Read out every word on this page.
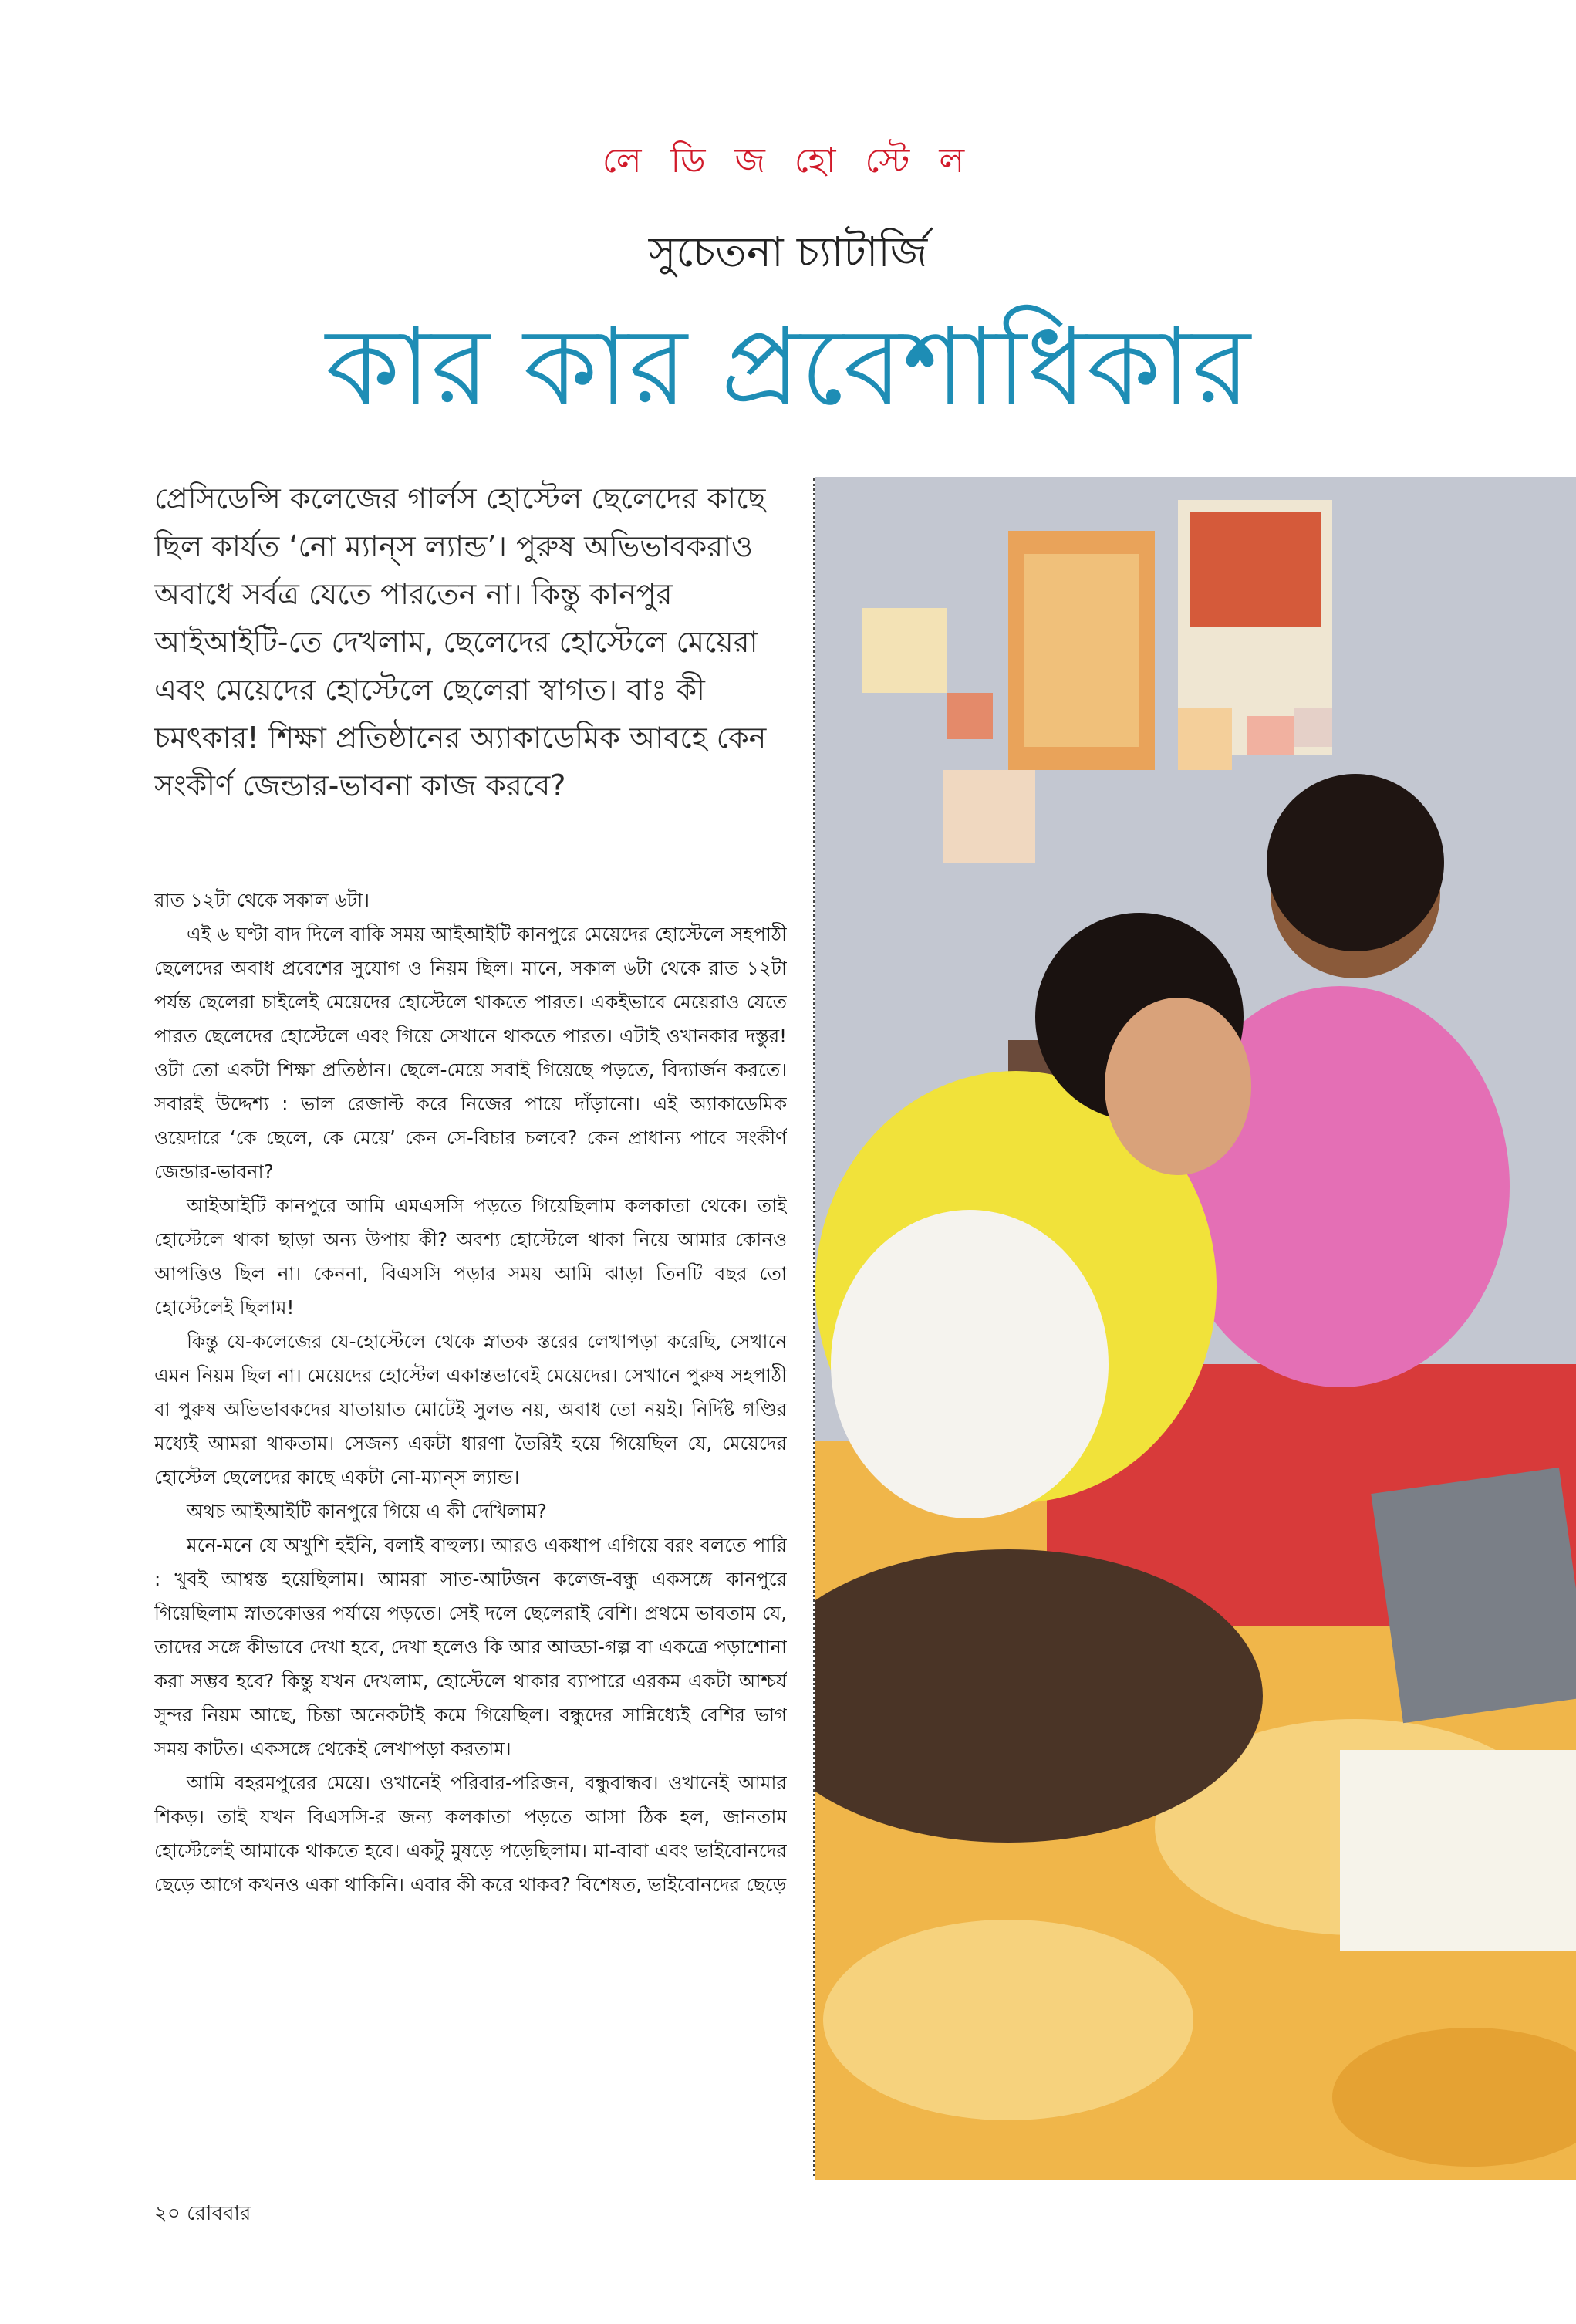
লে ডি জ হো স্টে ল
সুচেতনা চ্যাটার্জি
কার কার প্রবেশাধিকার

প্রেসিডেন্সি কলেজের গার্লস হোস্টেল ছেলেদের কাছে ছিল কার্যত ‘নো ম্যান্‌স ল্যান্ড’। পুরুষ অভিভাবকরাও অবাধে সর্বত্র যেতে পারতেন না। কিন্তু কানপুর আইআইটি-তে দেখলাম, ছেলেদের হোস্টেলে মেয়েরা এবং মেয়েদের হোস্টেলে ছেলেরা স্বাগত। বাঃ কী চমৎকার! শিক্ষা প্রতিষ্ঠানের অ্যাকাডেমিক আবহে কেন সংকীর্ণ জেন্ডার-ভাবনা কাজ করবে?

রাত ১২টা থেকে সকাল ৬টা।

এই ৬ ঘণ্টা বাদ দিলে বাকি সময় আইআইটি কানপুরে মেয়েদের হোস্টেলে সহপাঠী ছেলেদের অবাধ প্রবেশের সুযোগ ও নিয়ম ছিল। মানে, সকাল ৬টা থেকে রাত ১২টা পর্যন্ত ছেলেরা চাইলেই মেয়েদের হোস্টেলে থাকতে পারত। একইভাবে মেয়েরাও যেতে পারত ছেলেদের হোস্টেলে এবং গিয়ে সেখানে থাকতে পারত। এটাই ওখানকার দস্তুর! ওটা তো একটা শিক্ষা প্রতিষ্ঠান। ছেলে-মেয়ে সবাই গিয়েছে পড়তে, বিদ্যার্জন করতে। সবারই উদ্দেশ্য : ভাল রেজাল্ট করে নিজের পায়ে দাঁড়ানো। এই অ্যাকাডেমিক ওয়েদারে ‘কে ছেলে, কে মেয়ে’ কেন সে-বিচার চলবে? কেন প্রাধান্য পাবে সংকীর্ণ জেন্ডার-ভাবনা?

আইআইটি কানপুরে আমি এমএসসি পড়তে গিয়েছিলাম কলকাতা থেকে। তাই হোস্টেলে থাকা ছাড়া অন্য উপায় কী? অবশ্য হোস্টেলে থাকা নিয়ে আমার কোনও আপত্তিও ছিল না। কেননা, বিএসসি পড়ার সময় আমি ঝাড়া তিনটি বছর তো হোস্টেলেই ছিলাম!

কিন্তু যে-কলেজের যে-হোস্টেলে থেকে স্নাতক স্তরের লেখাপড়া করেছি, সেখানে এমন নিয়ম ছিল না। মেয়েদের হোস্টেল একান্তভাবেই মেয়েদের। সেখানে পুরুষ সহপাঠী বা পুরুষ অভিভাবকদের যাতায়াত মোটেই সুলভ নয়, অবাধ তো নয়ই। নির্দিষ্ট গণ্ডির মধ্যেই আমরা থাকতাম। সেজন্য একটা ধারণা তৈরিই হয়ে গিয়েছিল যে, মেয়েদের হোস্টেল ছেলেদের কাছে একটা নো-ম্যান্‌স ল্যান্ড।

অথচ আইআইটি কানপুরে গিয়ে এ কী দেখিলাম?

মনে-মনে যে অখুশি হইনি, বলাই বাহুল্য। আরও একধাপ এগিয়ে বরং বলতে পারি : খুবই আশ্বস্ত হয়েছিলাম। আমরা সাত-আটজন কলেজ-বন্ধু একসঙ্গে কানপুরে গিয়েছিলাম স্নাতকোত্তর পর্যায়ে পড়তে। সেই দলে ছেলেরাই বেশি। প্রথমে ভাবতাম যে, তাদের সঙ্গে কীভাবে দেখা হবে, দেখা হলেও কি আর আড্ডা-গল্প বা একত্রে পড়াশোনা করা সম্ভব হবে? কিন্তু যখন দেখলাম, হোস্টেলে থাকার ব্যাপারে এরকম একটা আশ্চর্য সুন্দর নিয়ম আছে, চিন্তা অনেকটাই কমে গিয়েছিল। বন্ধুদের সান্নিধ্যেই বেশির ভাগ সময় কাটত। একসঙ্গে থেকেই লেখাপড়া করতাম।

আমি বহরমপুরের মেয়ে। ওখানেই পরিবার-পরিজন, বন্ধুবান্ধব। ওখানেই আমার শিকড়। তাই যখন বিএসসি-র জন্য কলকাতা পড়তে আসা ঠিক হল, জানতাম হোস্টেলেই আমাকে থাকতে হবে। একটু মুষড়ে পড়েছিলাম। মা-বাবা এবং ভাইবোনদের ছেড়ে আগে কখনও একা থাকিনি। এবার কী করে থাকব? বিশেষত, ভাইবোনদের ছেড়ে

২০ রোববার
